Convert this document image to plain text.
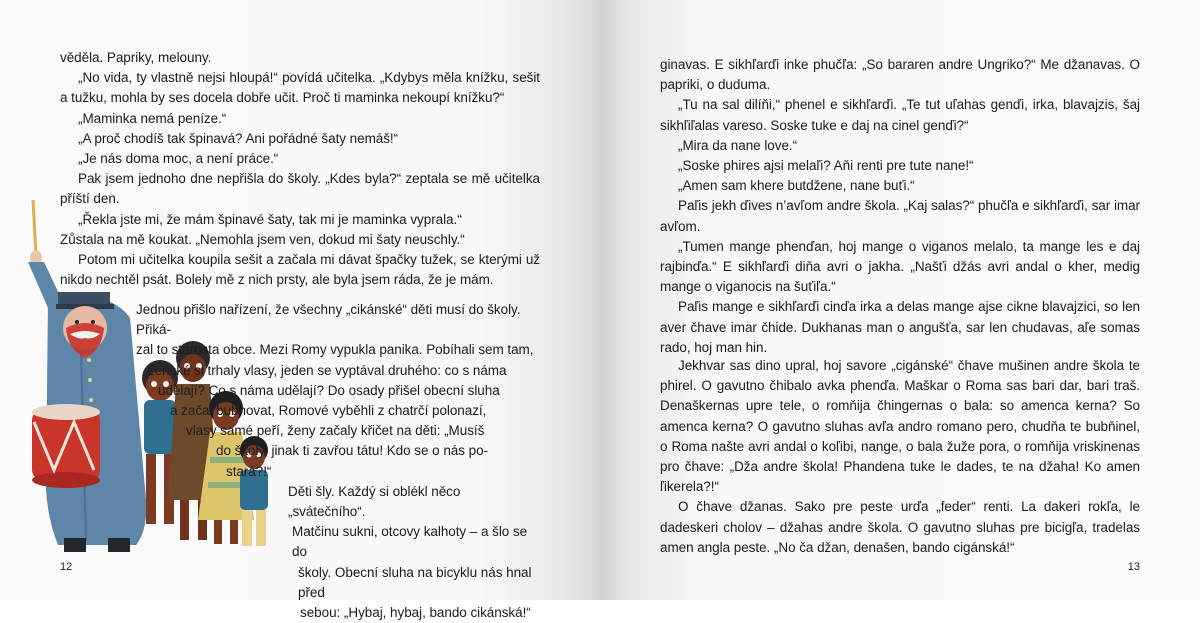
věděla. Papriky, melouny.

„No vida, ty vlastně nejsi hloupá!“ povídá učitelka. „Kdybys měla knížku, sešit a tužku, mohla by ses docela dobře učit. Proč ti maminka nekoupí knížku?“

„Maminka nemá peníze.“

„A proč chodíš tak špinavá? Ani pořádné šaty nemáš!“

„Je nás doma moc, a není práce.“

Pak jsem jednoho dne nepřišla do školy. „Kdes byla?“ zeptala se mě učitelka příští den.

„Řekla jste mi, že mám špinavé šaty, tak mi je maminka vyprala.“

Zůstala na mě koukat. „Nemohla jsem ven, dokud mi šaty neuschly.“

Potom mi učitelka koupila sešit a začala mi dávat špačky tužek, se kterými už nikdo nechtěl psát. Bolely mě z nich prsty, ale byla jsem ráda, že je mám.

Jednou přišlo nařízení, že všechny „cikánské“ děti musí do školy. Přiká-

zal to starosta obce. Mezi Romy vypukla panika. Pobíhali sem tam,

ženské si trhaly vlasy, jeden se vyptával druhého: co s náma

udělají? Co s náma udělají? Do osady přišel obecní sluha

a začal bubnovat, Romové vyběhli z chatrčí polonazí,

vlasy samé peří, ženy začaly křičet na děti: „Musíš

do školy, jinak ti zavřou tátu! Kdo se o nás po-

stará?!“

Děti šly. Každý si oblékl něco „svátečního“.

Matčinu sukni, otcovy kalhoty – a šlo se do

školy. Obecní sluha na bicyklu nás hnal před

sebou: „Hybaj, hybaj, bando cikánská!“

12

ginavas. E sikhľarďi inke phučľa: „So bararen andre Ungriko?“ Me džanavas. O papriki, o duduma.

„Tu na sal dilíňi,“ phenel e sikhľarďi. „Te tut uľahas genďi, irka, blavajzis, šaj sikhľiľalas vareso. Soske tuke e daj na cinel genďi?“

„Mira da nane love.“

„Soske phires ajsi melaľi? Aňi renti pre tute nane!“

„Amen sam khere butdžene, nane buťi.“

Paľis jekh ďives n’avľom andre škola. „Kaj salas?“ phučľa e sikhľarďi, sar imar avľom.

„Tumen mange phenďan, hoj mange o viganos melalo, ta mange les e daj rajbinďa.“ E sikhľarďi diňa avri o jakha. „Našťi džás avri andal o kher, medig mange o viganocis na šuťiľa.“

Paľis mange e sikhľarďi cinďa irka a delas mange ajse cikne blavajzici, so len aver čhave imar čhide. Dukhanas man o angušťa, sar len chudavas, aľe somas rado, hoj man hin.

Jekhvar sas dino upral, hoj savore „cigánské“ čhave mušinen andre škola te phirel. O gavutno čhibalo avka phenďa. Maškar o Roma sas bari dar, bari traš. Denaškernas upre tele, o romňija čhingernas o bala: so amenca kerna? So amenca kerna? O gavutno sluhas avľa andro romano pero, chudňa te bubňinel, o Roma našte avri andal o koľibi, nange, o bala žuže pora, o romňija vriskinenas pro čhave: „Dža andre škola! Phandena tuke le dades, te na džaha! Ko amen ľikerela?!“

O čhave džanas. Sako pre peste urďa „feder“ renti. La dakeri rokľa, le dadeskeri cholov – džahas andre škola. O gavutno sluhas pre bicigľa, tradelas amen angla peste. „No ča džan, denašen, bando cigánská!“

13
